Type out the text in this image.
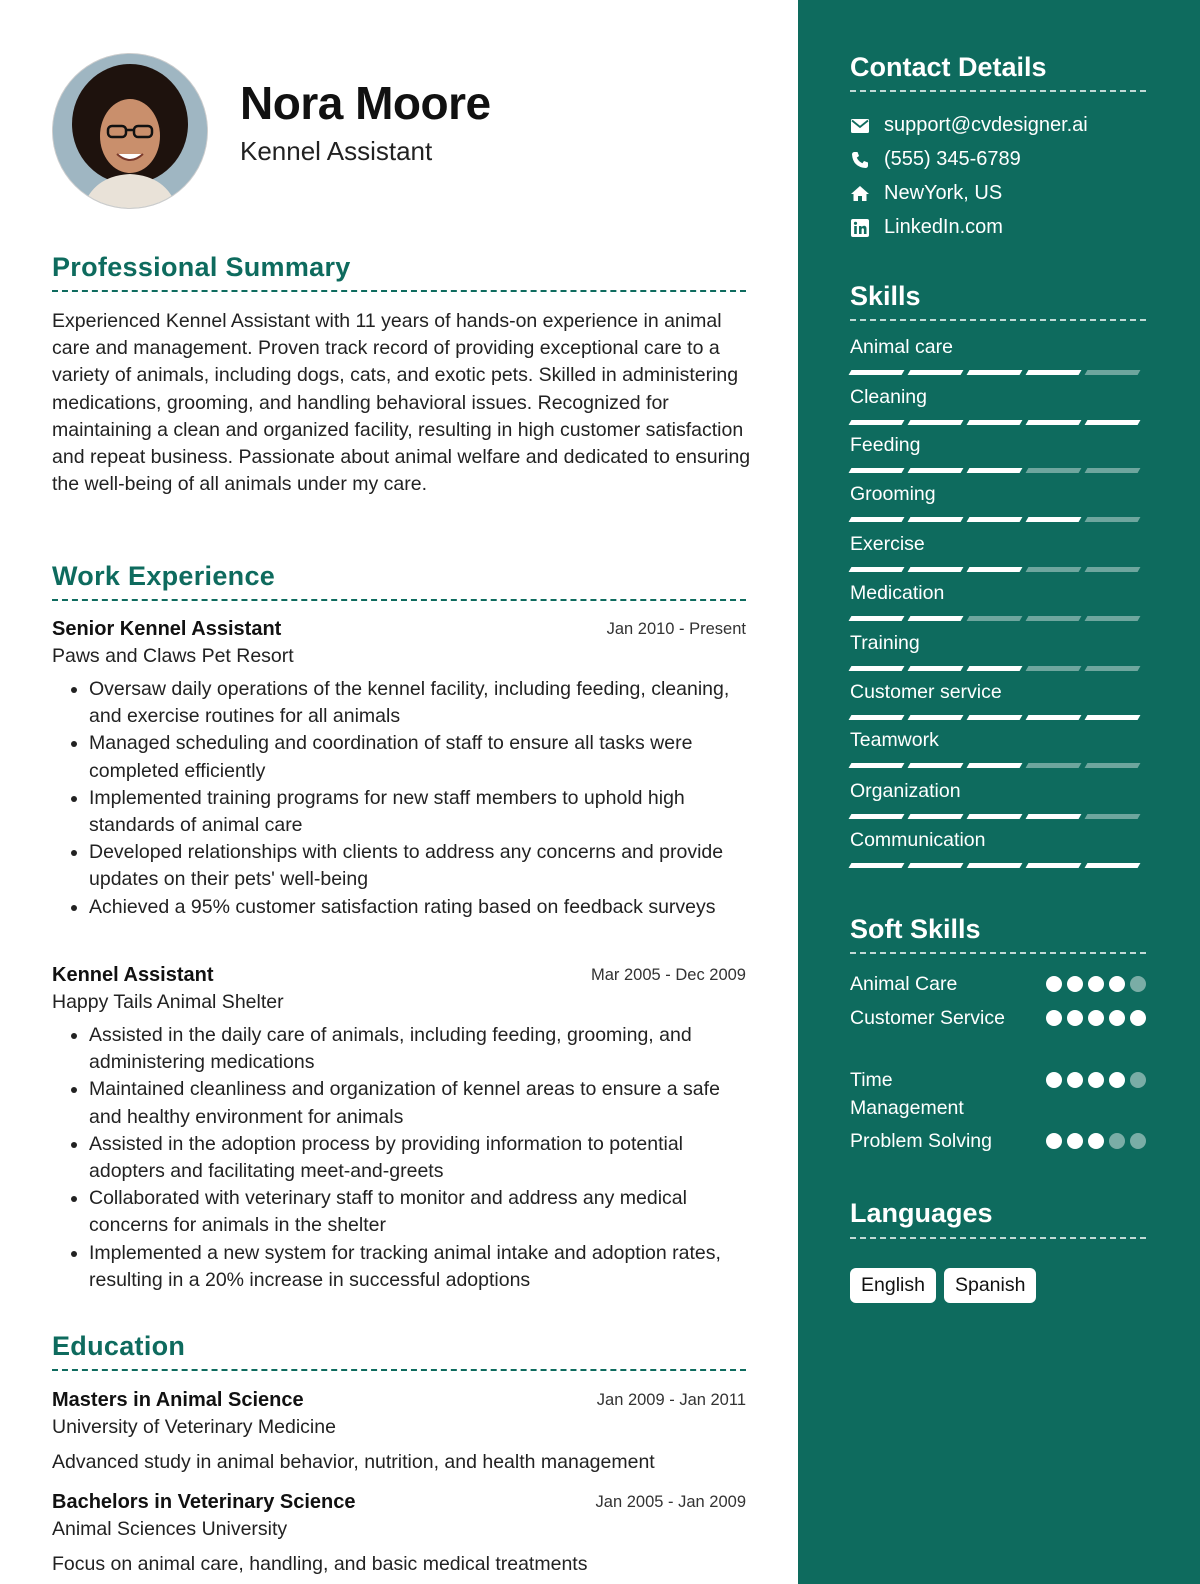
Nora Moore
Kennel Assistant
Professional Summary

Experienced Kennel Assistant with 11 years of hands-on experience in animal care and management. Proven track record of providing exceptional care to a variety of animals, including dogs, cats, and exotic pets. Skilled in administering medications, grooming, and handling behavioral issues. Recognized for maintaining a clean and organized facility, resulting in high customer satisfaction and repeat business. Passionate about animal welfare and dedicated to ensuring the well-being of all animals under my care.

Work Experience
Senior Kennel Assistant	Jan 2010 - Present
Paws and Claws Pet Resort
• Oversaw daily operations of the kennel facility, including feeding, cleaning, and exercise routines for all animals
• Managed scheduling and coordination of staff to ensure all tasks were completed efficiently
• Implemented training programs for new staff members to uphold high standards of animal care
• Developed relationships with clients to address any concerns and provide updates on their pets' well-being
• Achieved a 95% customer satisfaction rating based on feedback surveys
Kennel Assistant	Mar 2005 - Dec 2009
Happy Tails Animal Shelter
• Assisted in the daily care of animals, including feeding, grooming, and administering medications
• Maintained cleanliness and organization of kennel areas to ensure a safe and healthy environment for animals
• Assisted in the adoption process by providing information to potential adopters and facilitating meet-and-greets
• Collaborated with veterinary staff to monitor and address any medical concerns for animals in the shelter
• Implemented a new system for tracking animal intake and adoption rates, resulting in a 20% increase in successful adoptions
Education
Masters in Animal Science	Jan 2009 - Jan 2011
University of Veterinary Medicine
Advanced study in animal behavior, nutrition, and health management
Bachelors in Veterinary Science	Jan 2005 - Jan 2009
Animal Sciences University
Focus on animal care, handling, and basic medical treatments
Contact Details
support@cvdesigner.ai
(555) 345-6789
NewYork, US
LinkedIn.com
Skills
Animal care
Cleaning
Feeding
Grooming
Exercise
Medication
Training
Customer service
Teamwork
Organization
Communication
Soft Skills
Animal Care
Customer Service
Time Management
Problem Solving
Languages
English	Spanish
